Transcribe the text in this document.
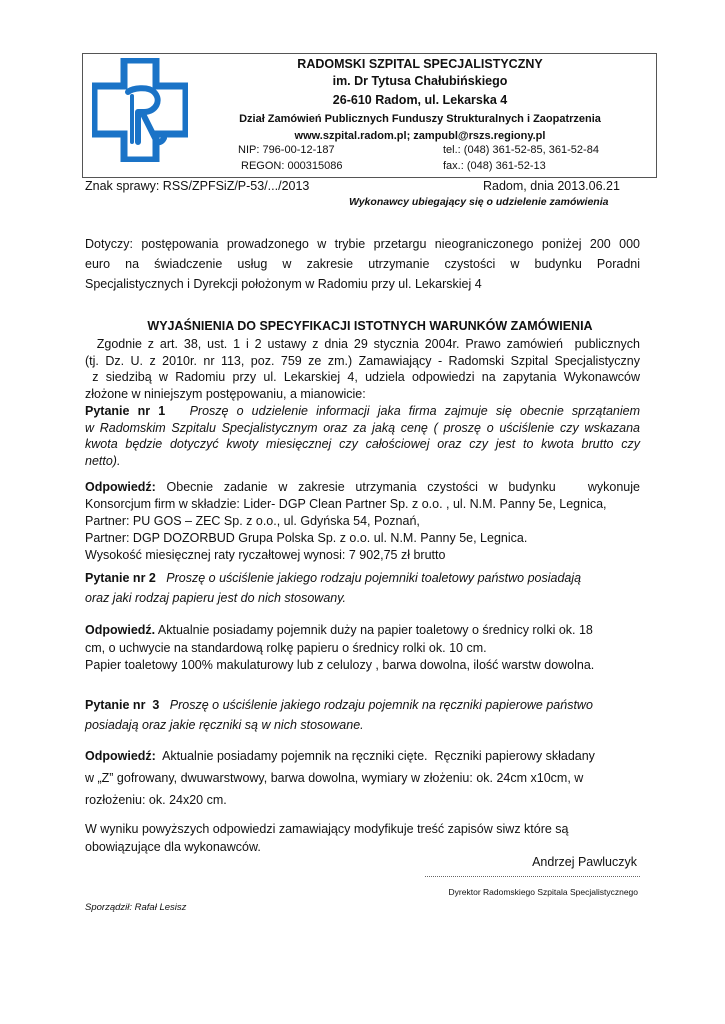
RADOMSKI SZPITAL SPECJALISTYCZNY
im. Dr Tytusa Chałubińskiego
26-610 Radom, ul. Lekarska 4
Dział Zamówień Publicznych Funduszy Strukturalnych i Zaopatrzenia
www.szpital.radom.pl; zampubl@rszs.regiony.pl
NIP: 796-00-12-187	tel.: (048) 361-52-85, 361-52-84
REGON: 000315086	fax.: (048) 361-52-13
Znak sprawy: RSS/ZPFSiZ/P-53/.../2013	Radom, dnia 2013.06.21
Wykonawcy ubiegający się o udzielenie zamówienia
Dotyczy: postępowania prowadzonego w trybie przetargu nieograniczonego poniżej 200 000
euro na świadczenie usług w zakresie utrzymanie czystości w budynku Poradni
Specjalistycznych i Dyrekcji położonym w Radomiu przy ul. Lekarskiej 4
WYJAŚNIENIA DO SPECYFIKACJI ISTOTNYCH WARUNKÓW ZAMÓWIENIA
Zgodnie z art. 38, ust. 1 i 2 ustawy z dnia 29 stycznia 2004r. Prawo zamówień  publicznych
(tj. Dz. U. z 2010r. nr 113, poz. 759 ze zm.) Zamawiający - Radomski Szpital Specjalistyczny
z siedzibą w Radomiu przy ul. Lekarskiej 4, udziela odpowiedzi na zapytania Wykonawców
złożone w niniejszym postępowaniu, a mianowicie:
Pytanie nr 1   Proszę o udzielenie informacji jaka firma zajmuje się obecnie sprzątaniem
w Radomskim Szpitalu Specjalistycznym oraz za jaką cenę ( proszę o uściślenie czy wskazana
kwota będzie dotyczyć kwoty miesięcznej czy całościowej oraz czy jest to kwota brutto czy
netto).
Odpowiedź: Obecnie zadanie w zakresie utrzymania czystości w budynku   wykonuje
Konsorcjum firm w składzie: Lider- DGP Clean Partner Sp. z o.o. , ul. N.M. Panny 5e, Legnica,
Partner: PU GOS – ZEC Sp. z o.o., ul. Gdyńska 54, Poznań,
Partner: DGP DOZORBUD Grupa Polska Sp. z o.o. ul. N.M. Panny 5e, Legnica.
Wysokość miesięcznej raty ryczałtowej wynosi: 7 902,75 zł brutto
Pytanie nr 2   Proszę o uściślenie jakiego rodzaju pojemniki toaletowy państwo posiadają
oraz jaki rodzaj papieru jest do nich stosowany.
Odpowiedź. Aktualnie posiadamy pojemnik duży na papier toaletowy o średnicy rolki ok. 18
cm, o uchwycie na standardową rolkę papieru o średnicy rolki ok. 10 cm.
Papier toaletowy 100% makulaturowy lub z celulozy , barwa dowolna, ilość warstw dowolna.
Pytanie nr  3   Proszę o uściślenie jakiego rodzaju pojemnik na ręczniki papierowe państwo
posiadają oraz jakie ręczniki są w nich stosowane.
Odpowiedź:  Aktualnie posiadamy pojemnik na ręczniki cięte.  Ręczniki papierowy składany
w „Z” gofrowany, dwuwarstwowy, barwa dowolna, wymiary w złożeniu: ok. 24cm x10cm, w
rozłożeniu: ok. 24x20 cm.
W wyniku powyższych odpowiedzi zamawiający modyfikuje treść zapisów siwz które są
obowiązujące dla wykonawców.
Andrzej Pawluczyk
Dyrektor Radomskiego Szpitala Specjalistycznego
Sporządził: Rafał Lesisz
